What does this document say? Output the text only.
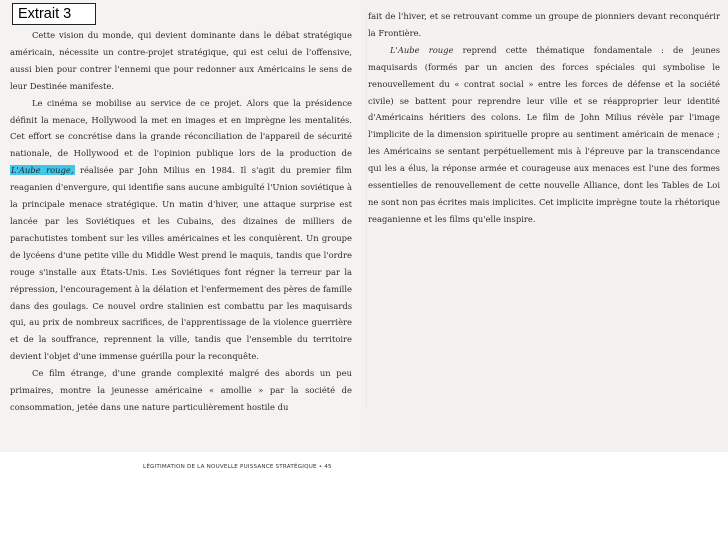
Extrait 3

Cette vision du monde, qui devient dominante dans le débat stratégique américain, nécessite un contre-projet stratégique, qui est celui de l'offensive, aussi bien pour contrer l'ennemi que pour redonner aux Américains le sens de leur Destinée manifeste.

Le cinéma se mobilise au service de ce projet. Alors que la présidence définit la menace, Hollywood la met en images et en imprègne les mentalités. Cet effort se concrétise dans la grande réconciliation de l'appareil de sécurité nationale, de Hollywood et de l'opinion publique lors de la production de L'Aube rouge, réalisée par John Milius en 1984. Il s'agit du premier film reaganien d'envergure, qui identifie sans aucune ambiguïté l'Union soviétique à la principale menace stratégique. Un matin d'hiver, une attaque surprise est lancée par les Soviétiques et les Cubains, des dizaines de milliers de parachutistes tombent sur les villes américaines et les conquièrent. Un groupe de lycéens d'une petite ville du Middle West prend le maquis, tandis que l'ordre rouge s'installe aux États-Unis. Les Soviétiques font régner la terreur par la répression, l'encouragement à la délation et l'enfermement des pères de famille dans des goulags. Ce nouvel ordre stalinien est combattu par les maquisards qui, au prix de nombreux sacrifices, de l'apprentissage de la violence guerrière et de la souffrance, reprennent la ville, tandis que l'ensemble du territoire devient l'objet d'une immense guérilla pour la reconquête.

Ce film étrange, d'une grande complexité malgré des abords un peu primaires, montre la jeunesse américaine « amollie » par la société de consommation, jetée dans une nature particulièrement hostile du

LÉGITIMATION DE LA NOUVELLE PUISSANCE STRATÉGIQUE • 45

fait de l'hiver, et se retrouvant comme un groupe de pionniers devant reconquérir la Frontière.

L'Aube rouge reprend cette thématique fondamentale : de jeunes maquisards (formés par un ancien des forces spéciales qui symbolise le renouvellement du « contrat social » entre les forces de défense et la société civile) se battent pour reprendre leur ville et se réapproprier leur identité d'Américains héritiers des colons. Le film de John Milius révèle par l'image l'implicite de la dimension spirituelle propre au sentiment américain de menace ; les Américains se sentant perpétuellement mis à l'épreuve par la transcendance qui les a élus, la réponse armée et courageuse aux menaces est l'une des formes essentielles de renouvellement de cette nouvelle Alliance, dont les Tables de Loi ne sont non pas écrites mais implicites. Cet implicite imprègne toute la rhétorique reaganienne et les films qu'elle inspire.
